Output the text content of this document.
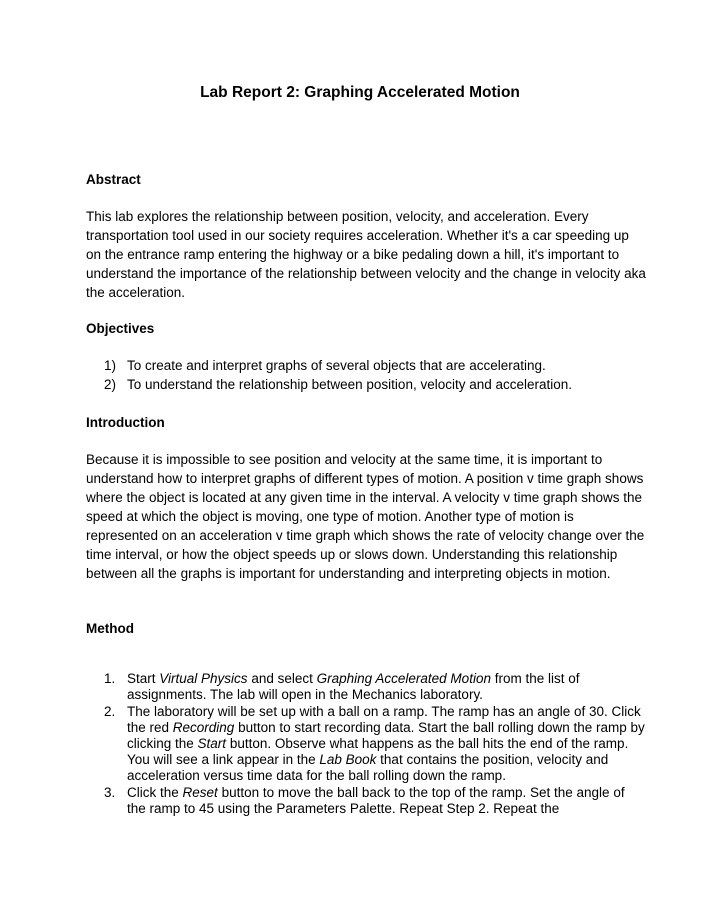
Lab Report 2: Graphing Accelerated Motion
Abstract
This lab explores the relationship between position, velocity, and acceleration. Every transportation tool used in our society requires acceleration. Whether it's a car speeding up on the entrance ramp entering the highway or a bike pedaling down a hill, it's important to understand the importance of the relationship between velocity and the change in velocity aka the acceleration.
Objectives
1) To create and interpret graphs of several objects that are accelerating.
2) To understand the relationship between position, velocity and acceleration.
Introduction
Because it is impossible to see position and velocity at the same time, it is important to understand how to interpret graphs of different types of motion. A position v time graph shows where the object is located at any given time in the interval. A velocity v time graph shows the speed at which the object is moving, one type of motion. Another type of motion is represented on an acceleration v time graph which shows the rate of velocity change over the time interval, or how the object speeds up or slows down. Understanding this relationship between all the graphs is important for understanding and interpreting objects in motion.
Method
1. Start Virtual Physics and select Graphing Accelerated Motion from the list of assignments. The lab will open in the Mechanics laboratory.
2. The laboratory will be set up with a ball on a ramp. The ramp has an angle of 30. Click the red Recording button to start recording data. Start the ball rolling down the ramp by clicking the Start button. Observe what happens as the ball hits the end of the ramp. You will see a link appear in the Lab Book that contains the position, velocity and acceleration versus time data for the ball rolling down the ramp.
3. Click the Reset button to move the ball back to the top of the ramp. Set the angle of the ramp to 45 using the Parameters Palette. Repeat Step 2. Repeat the
